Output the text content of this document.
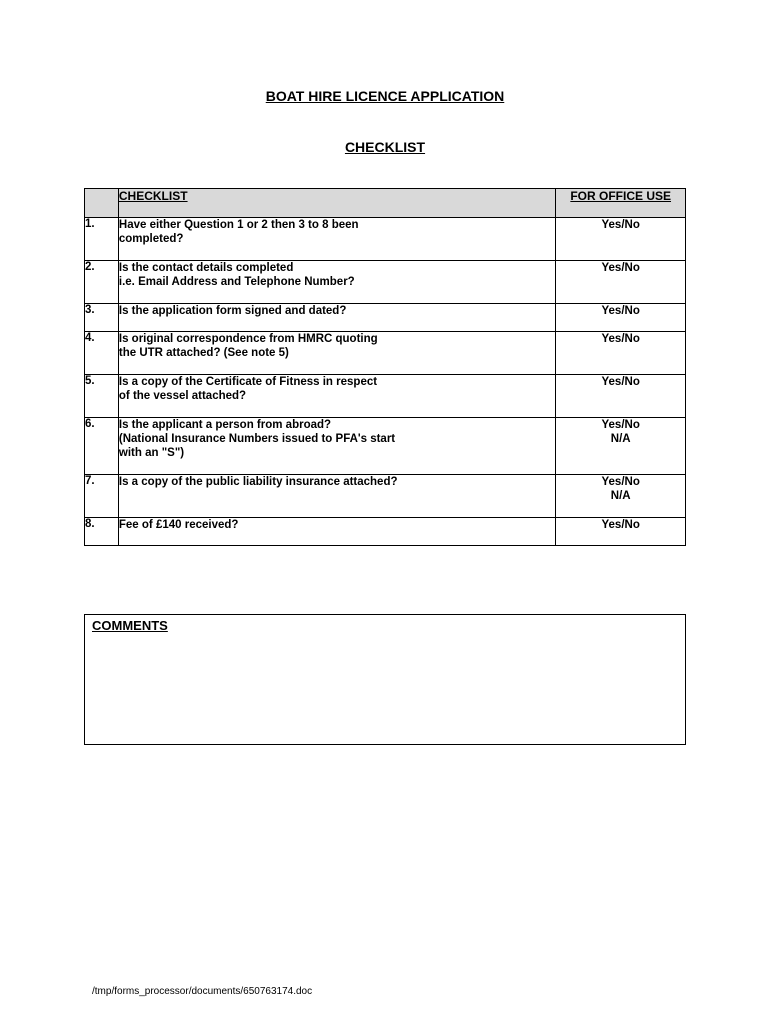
BOAT HIRE LICENCE APPLICATION
CHECKLIST
	CHECKLIST	FOR OFFICE USE
1.	Have either Question 1 or 2 then 3 to 8 been
completed?	Yes/No
2.	Is the contact details completed
i.e. Email Address and Telephone Number?	Yes/No
3.	Is the application form signed and dated?	Yes/No
4.	Is original correspondence from HMRC quoting
the UTR attached? (See note 5)	Yes/No
5.	Is a copy of the Certificate of Fitness in respect
of the vessel attached?	Yes/No
6.	Is the applicant a person from abroad?
(National Insurance Numbers issued to PFA's start
with an "S")	Yes/No
N/A
7.	Is a copy of the public liability insurance attached?	Yes/No
N/A
8.	Fee of £140 received?	Yes/No
COMMENTS
/tmp/forms_processor/documents/650763174.doc
